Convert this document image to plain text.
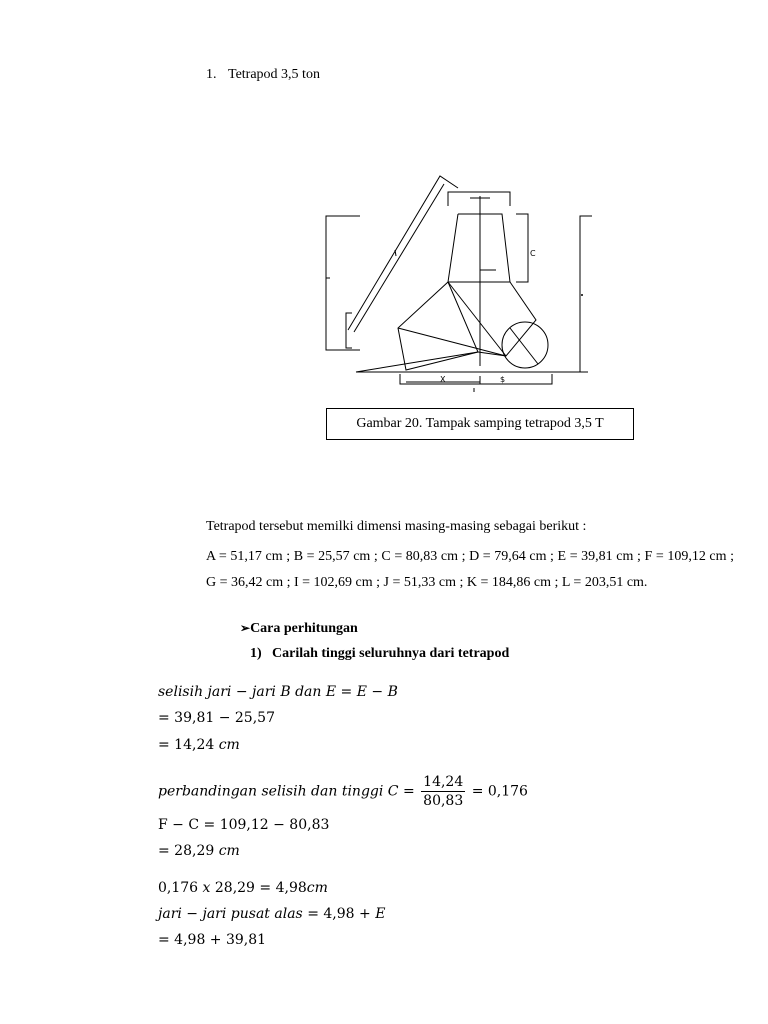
1. Tetrapod 3,5 ton
X	$
C
Gambar 20. Tampak samping tetrapod 3,5 T
Tetrapod tersebut memilki dimensi masing-masing sebagai berikut :
A = 51,17 cm ; B = 25,57 cm ; C = 80,83 cm ; D = 79,64 cm ; E = 39,81 cm ; F = 109,12 cm ; G = 36,42 cm ; I = 102,69 cm ; J = 51,33 cm ; K = 184,86 cm ; L = 203,51 cm.
➢Cara perhitungan
1) Carilah tinggi seluruhnya dari tetrapod
selisih jari − jari B dan E = E − B
= 39,81 − 25,57
= 14,24 cm
perbandingan selisih dan tinggi $C = \frac{14,24}{80,83} = 0,176$
F − C = 109,12 − 80,83
= 28,29 cm
0,176 x 28,29 = 4,98cm
jari − jari pusat alas = 4,98 + E
= 4,98 + 39,81
